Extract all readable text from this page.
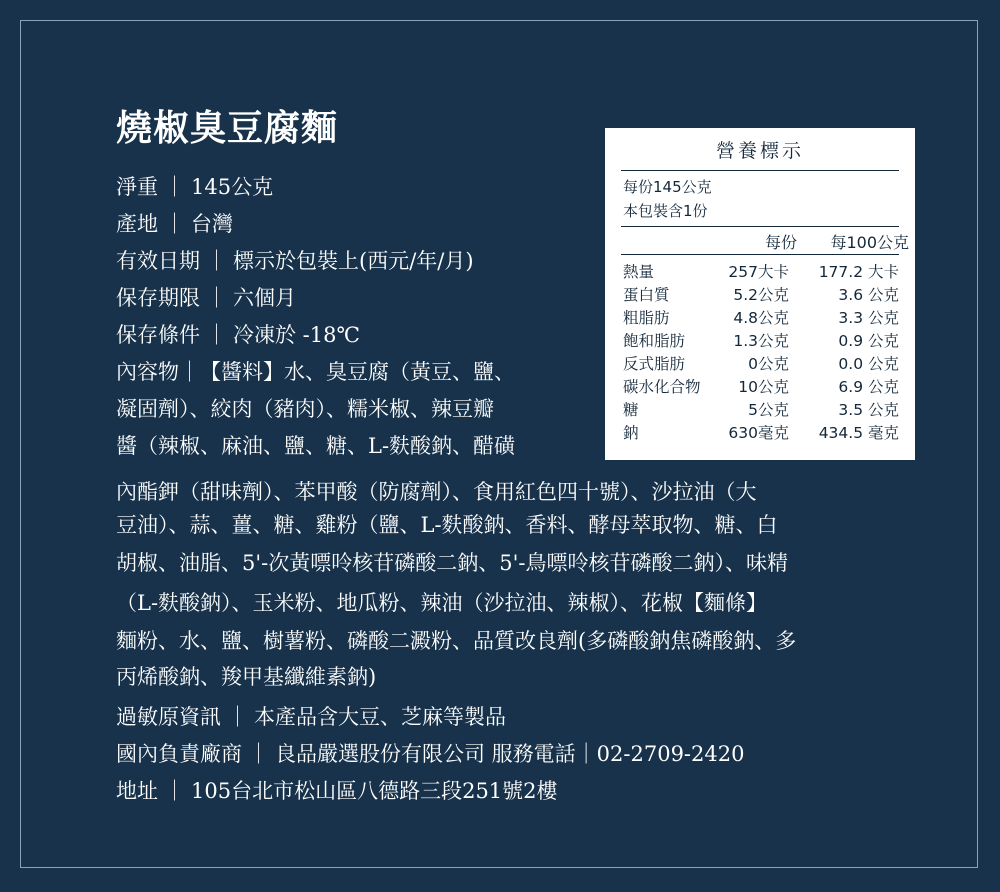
燒椒臭豆腐麵
淨重 ｜ 145公克
產地 ｜ 台灣
有效日期 ｜ 標示於包裝上(西元/年/月)
保存期限 ｜ 六個月
保存條件 ｜ 冷凍於 -18℃
內容物｜【醬料】水、臭豆腐（黃豆、鹽、
凝固劑）、絞肉（豬肉）、糯米椒、辣豆瓣
醬（辣椒、麻油、鹽、糖、L-麩酸鈉、醋磺
內酯鉀（甜味劑）、苯甲酸（防腐劑）、食用紅色四十號）、沙拉油（大
豆油）、蒜、薑、糖、雞粉（鹽、L-麩酸鈉、香料、酵母萃取物、糖、白
胡椒、油脂、5'-次黃嘌呤核苷磷酸二鈉、5'-鳥嘌呤核苷磷酸二鈉）、味精
（L-麩酸鈉）、玉米粉、地瓜粉、辣油（沙拉油、辣椒）、花椒【麵條】
麵粉、水、鹽、樹薯粉、磷酸二澱粉、品質改良劑(多磷酸鈉焦磷酸鈉、多
丙烯酸鈉、羧甲基纖維素鈉)
過敏原資訊 ｜ 本產品含大豆、芝麻等製品
國內負責廠商 ｜ 良品嚴選股份有限公司 服務電話｜02-2709-2420
地址 ｜ 105台北市松山區八德路三段251號2樓
營養標示
每份145公克
本包裝含1份
每份 每100公克
熱量	257大卡 177.2 大卡
蛋白質	5.2公克	3.6 公克
粗脂肪	4.8公克	3.3 公克
飽和脂肪	1.3公克	0.9 公克
反式脂肪	0公克	0.0 公克
碳水化合物 10公克	6.9 公克
糖	5公克	3.5 公克
鈉	630毫克 434.5 毫克
